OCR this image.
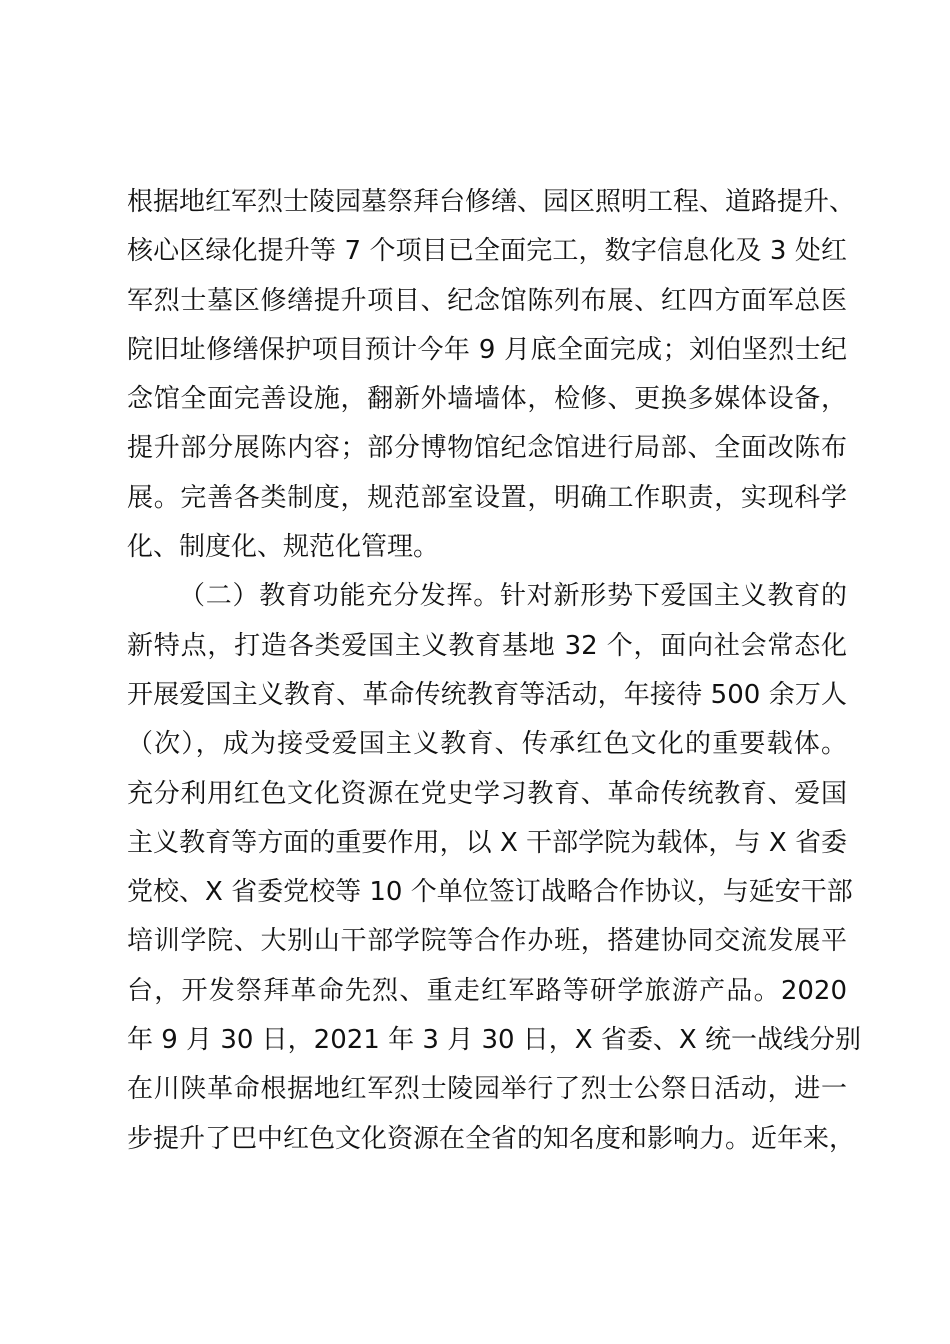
根据地红军烈士陵园墓祭拜台修缮、园区照明工程、道路提升、
核心区绿化提升等 7 个项目已全面完工，数字信息化及 3 处红
军烈士墓区修缮提升项目、纪念馆陈列布展、红四方面军总医
院旧址修缮保护项目预计今年 9 月底全面完成；刘伯坚烈士纪
念馆全面完善设施，翻新外墙墙体，检修、更换多媒体设备，
提升部分展陈内容；部分博物馆纪念馆进行局部、全面改陈布
展。完善各类制度，规范部室设置，明确工作职责，实现科学
化、制度化、规范化管理。
（二）教育功能充分发挥。针对新形势下爱国主义教育的
新特点，打造各类爱国主义教育基地 32 个，面向社会常态化
开展爱国主义教育、革命传统教育等活动，年接待 500 余万人
（次），成为接受爱国主义教育、传承红色文化的重要载体。
充分利用红色文化资源在党史学习教育、革命传统教育、爱国
主义教育等方面的重要作用，以 X 干部学院为载体，与 X 省委
党校、X 省委党校等 10 个单位签订战略合作协议，与延安干部
培训学院、大别山干部学院等合作办班，搭建协同交流发展平
台，开发祭拜革命先烈、重走红军路等研学旅游产品。2020
年 9 月 30 日，2021 年 3 月 30 日，X 省委、X 统一战线分别
在川陕革命根据地红军烈士陵园举行了烈士公祭日活动，进一
步提升了巴中红色文化资源在全省的知名度和影响力。近年来，
